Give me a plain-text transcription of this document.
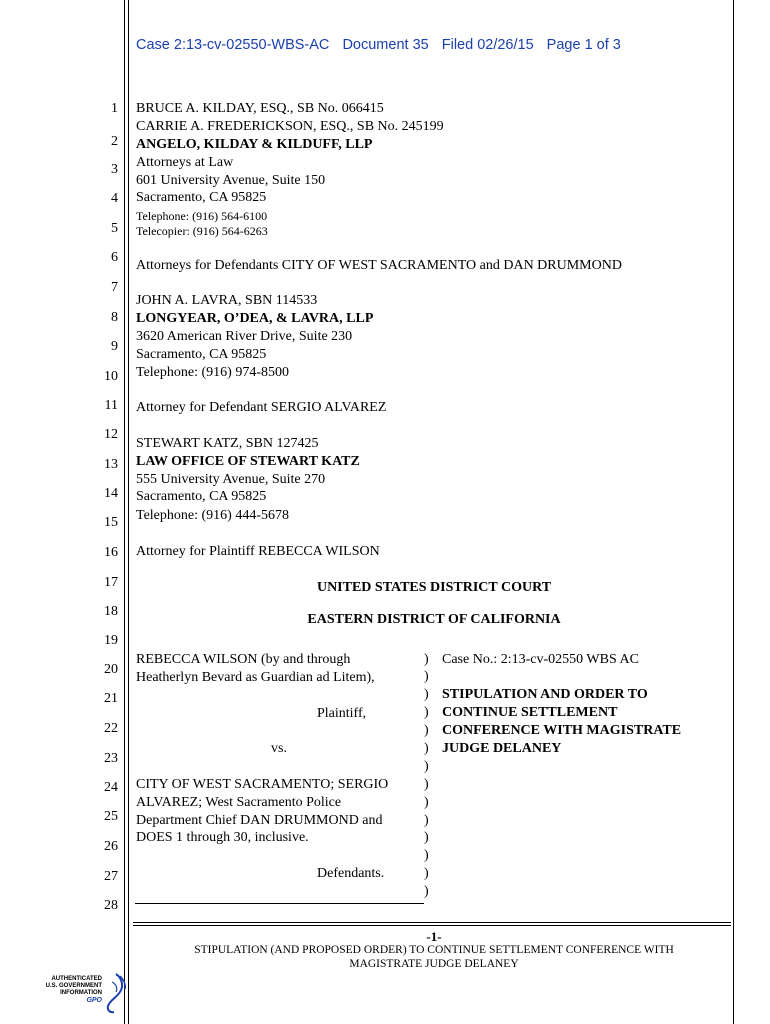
Case 2:13-cv-02550-WBS-AC Document 35 Filed 02/26/15 Page 1 of 3
1
2
3
4
5
6
7
8
9
10
11
12
13
14
15
16
17
18
19
20
21
22
23
24
25
26
27
28
BRUCE A. KILDAY, ESQ., SB No. 066415
CARRIE A. FREDERICKSON, ESQ., SB No. 245199
ANGELO, KILDAY & KILDUFF, LLP
Attorneys at Law
601 University Avenue, Suite 150
Sacramento, CA 95825
Telephone: (916) 564-6100
Telecopier: (916) 564-6263
Attorneys for Defendants CITY OF WEST SACRAMENTO and DAN DRUMMOND
JOHN A. LAVRA, SBN 114533
LONGYEAR, O’DEA, & LAVRA, LLP
3620 American River Drive, Suite 230
Sacramento, CA 95825
Telephone: (916) 974-8500
Attorney for Defendant SERGIO ALVAREZ
STEWART KATZ, SBN 127425
LAW OFFICE OF STEWART KATZ
555 University Avenue, Suite 270
Sacramento, CA 95825
Telephone: (916) 444-5678
Attorney for Plaintiff REBECCA WILSON
UNITED STATES DISTRICT COURT
EASTERN DISTRICT OF CALIFORNIA
REBECCA WILSON (by and through
Heatherlyn Bevard as Guardian ad Litem),
Plaintiff,
vs.
CITY OF WEST SACRAMENTO; SERGIO
ALVAREZ; West Sacramento Police
Department Chief DAN DRUMMOND and
DOES 1 through 30, inclusive.
Defendants.
)
)
)
)
)
)
)
)
)
)
)
)
)
)
Case No.: 2:13-cv-02550 WBS AC
STIPULATION AND ORDER TO
CONTINUE SETTLEMENT
CONFERENCE WITH MAGISTRATE
JUDGE DELANEY
-1-
STIPULATION (AND PROPOSED ORDER) TO CONTINUE SETTLEMENT CONFERENCE WITH
MAGISTRATE JUDGE DELANEY
AUTHENTICATED
U.S. GOVERNMENT
INFORMATION
GPO
